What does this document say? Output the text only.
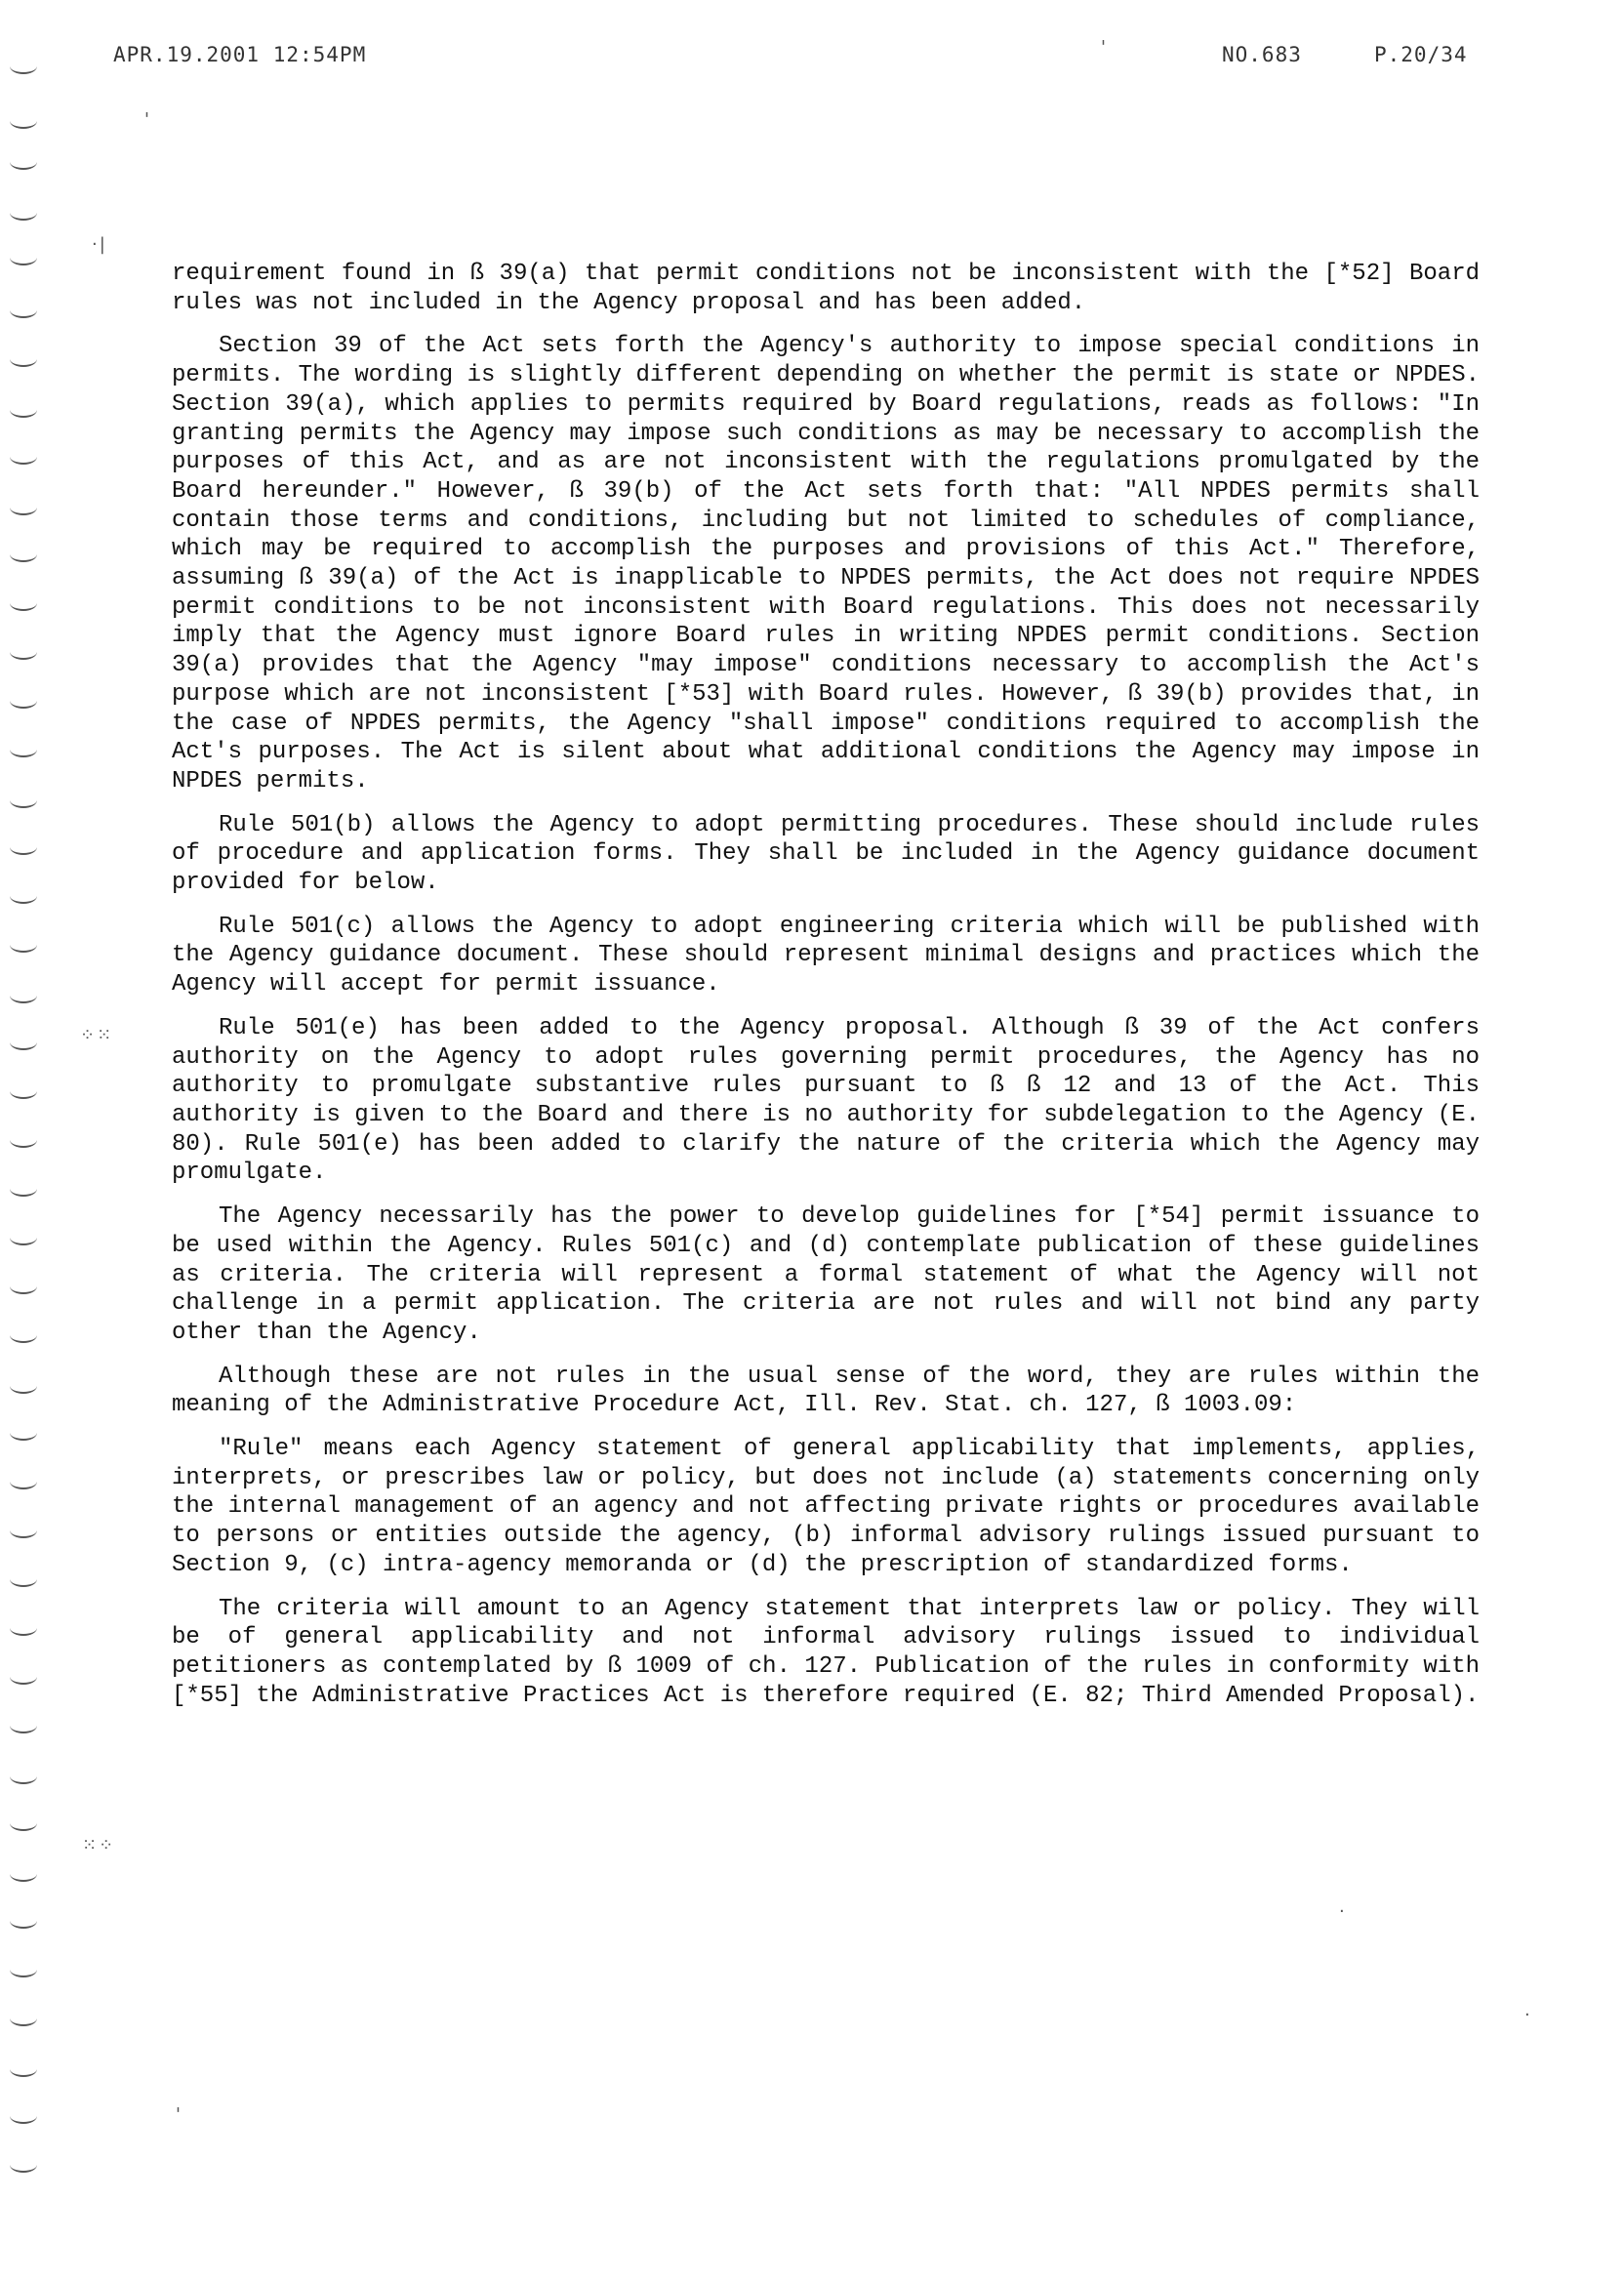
APR.19.2001 12:54PM	NO.683	P.20/34
·|
⁘⁙
⁙⁘
'
'
'
·
·

requirement found in ß 39(a) that permit conditions not be inconsistent with the [*52] Board rules was not included in the Agency proposal and has been added.

Section 39 of the Act sets forth the Agency's authority to impose special conditions in permits. The wording is slightly different depending on whether the permit is state or NPDES. Section 39(a), which applies to permits required by Board regulations, reads as follows: "In granting permits the Agency may impose such conditions as may be necessary to accomplish the purposes of this Act, and as are not inconsistent with the regulations promulgated by the Board hereunder." However, ß 39(b) of the Act sets forth that: "All NPDES permits shall contain those terms and conditions, including but not limited to schedules of compliance, which may be required to accomplish the purposes and provisions of this Act." Therefore, assuming ß 39(a) of the Act is inapplicable to NPDES permits, the Act does not require NPDES permit conditions to be not inconsistent with Board regulations. This does not necessarily imply that the Agency must ignore Board rules in writing NPDES permit conditions. Section 39(a) provides that the Agency "may impose" conditions necessary to accomplish the Act's purpose which are not inconsistent [*53] with Board rules. However, ß 39(b) provides that, in the case of NPDES permits, the Agency "shall impose" conditions required to accomplish the Act's purposes. The Act is silent about what additional conditions the Agency may impose in NPDES permits.

Rule 501(b) allows the Agency to adopt permitting procedures. These should include rules of procedure and application forms. They shall be included in the Agency guidance document provided for below.

Rule 501(c) allows the Agency to adopt engineering criteria which will be published with the Agency guidance document. These should represent minimal designs and practices which the Agency will accept for permit issuance.

Rule 501(e) has been added to the Agency proposal. Although ß 39 of the Act confers authority on the Agency to adopt rules governing permit procedures, the Agency has no authority to promulgate substantive rules pursuant to ß ß 12 and 13 of the Act. This authority is given to the Board and there is no authority for subdelegation to the Agency (E. 80). Rule 501(e) has been added to clarify the nature of the criteria which the Agency may promulgate.

The Agency necessarily has the power to develop guidelines for [*54] permit issuance to be used within the Agency. Rules 501(c) and (d) contemplate publication of these guidelines as criteria. The criteria will represent a formal statement of what the Agency will not challenge in a permit application. The criteria are not rules and will not bind any party other than the Agency.

Although these are not rules in the usual sense of the word, they are rules within the meaning of the Administrative Procedure Act, Ill. Rev. Stat. ch. 127, ß 1003.09:

"Rule" means each Agency statement of general applicability that implements, applies, interprets, or prescribes law or policy, but does not include (a) statements concerning only the internal management of an agency and not affecting private rights or procedures available to persons or entities outside the agency, (b) informal advisory rulings issued pursuant to Section 9, (c) intra-agency memoranda or (d) the prescription of standardized forms.

The criteria will amount to an Agency statement that interprets law or policy. They will be of general applicability and not informal advisory rulings issued to individual petitioners as contemplated by ß 1009 of ch. 127. Publication of the rules in conformity with [*55] the Administrative Practices Act is therefore required (E. 82; Third Amended Proposal).
